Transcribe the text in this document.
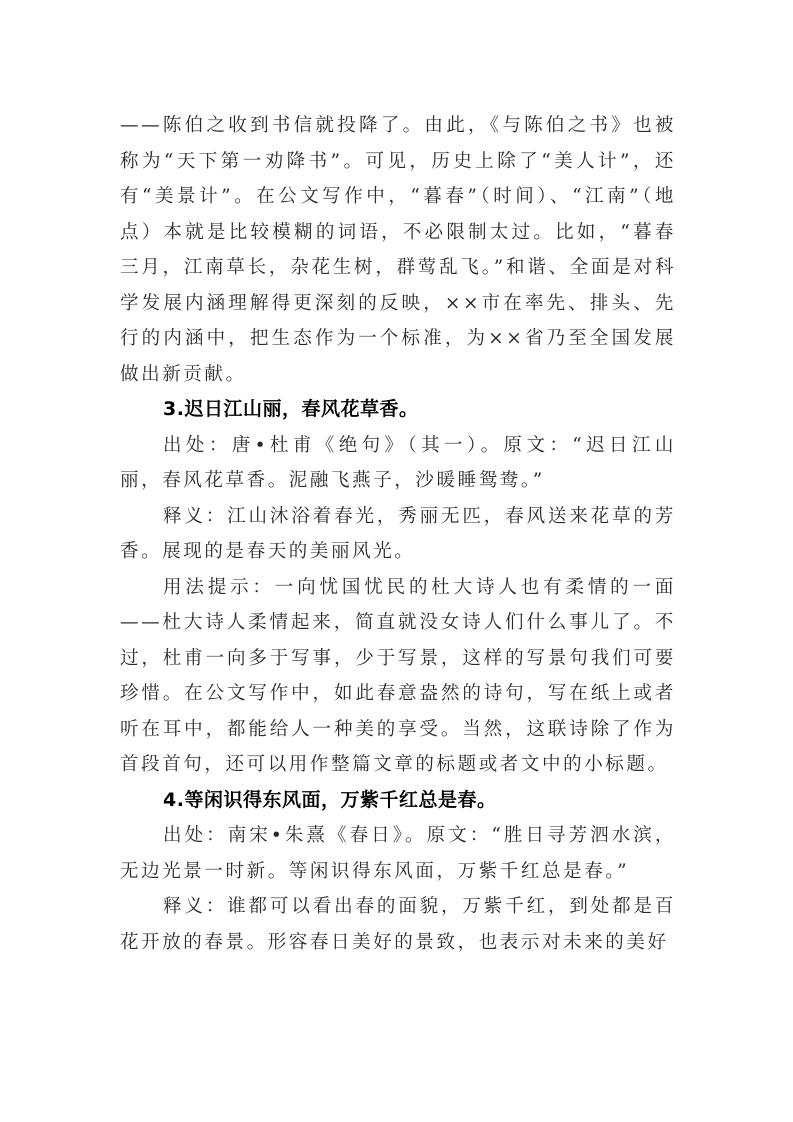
——陈伯之收到书信就投降了。由此，《与陈伯之书》也被称为“天下第一劝降书”。可见，历史上除了“美人计”，还有“美景计”。在公文写作中，“暮春”（时间）、“江南”（地点）本就是比较模糊的词语，不必限制太过。比如，“暮春三月，江南草长，杂花生树，群莺乱飞。”和谐、全面是对科学发展内涵理解得更深刻的反映，××市在率先、排头、先行的内涵中，把生态作为一个标准，为××省乃至全国发展做出新贡献。

3.迟日江山丽，春风花草香。

出处：唐•杜甫《绝句》（其一）。原文：“迟日江山丽，春风花草香。泥融飞燕子，沙暖睡鸳鸯。”

释义：江山沐浴着春光，秀丽无匹，春风送来花草的芳香。展现的是春天的美丽风光。

用法提示：一向忧国忧民的杜大诗人也有柔情的一面——杜大诗人柔情起来，简直就没女诗人们什么事儿了。不过，杜甫一向多于写事，少于写景，这样的写景句我们可要珍惜。在公文写作中，如此春意盎然的诗句，写在纸上或者听在耳中，都能给人一种美的享受。当然，这联诗除了作为首段首句，还可以用作整篇文章的标题或者文中的小标题。

4.等闲识得东风面，万紫千红总是春。

出处：南宋•朱熹《春日》。原文：“胜日寻芳泗水滨，无边光景一时新。等闲识得东风面，万紫千红总是春。”

释义：谁都可以看出春的面貌，万紫千红，到处都是百花开放的春景。形容春日美好的景致，也表示对未来的美好
